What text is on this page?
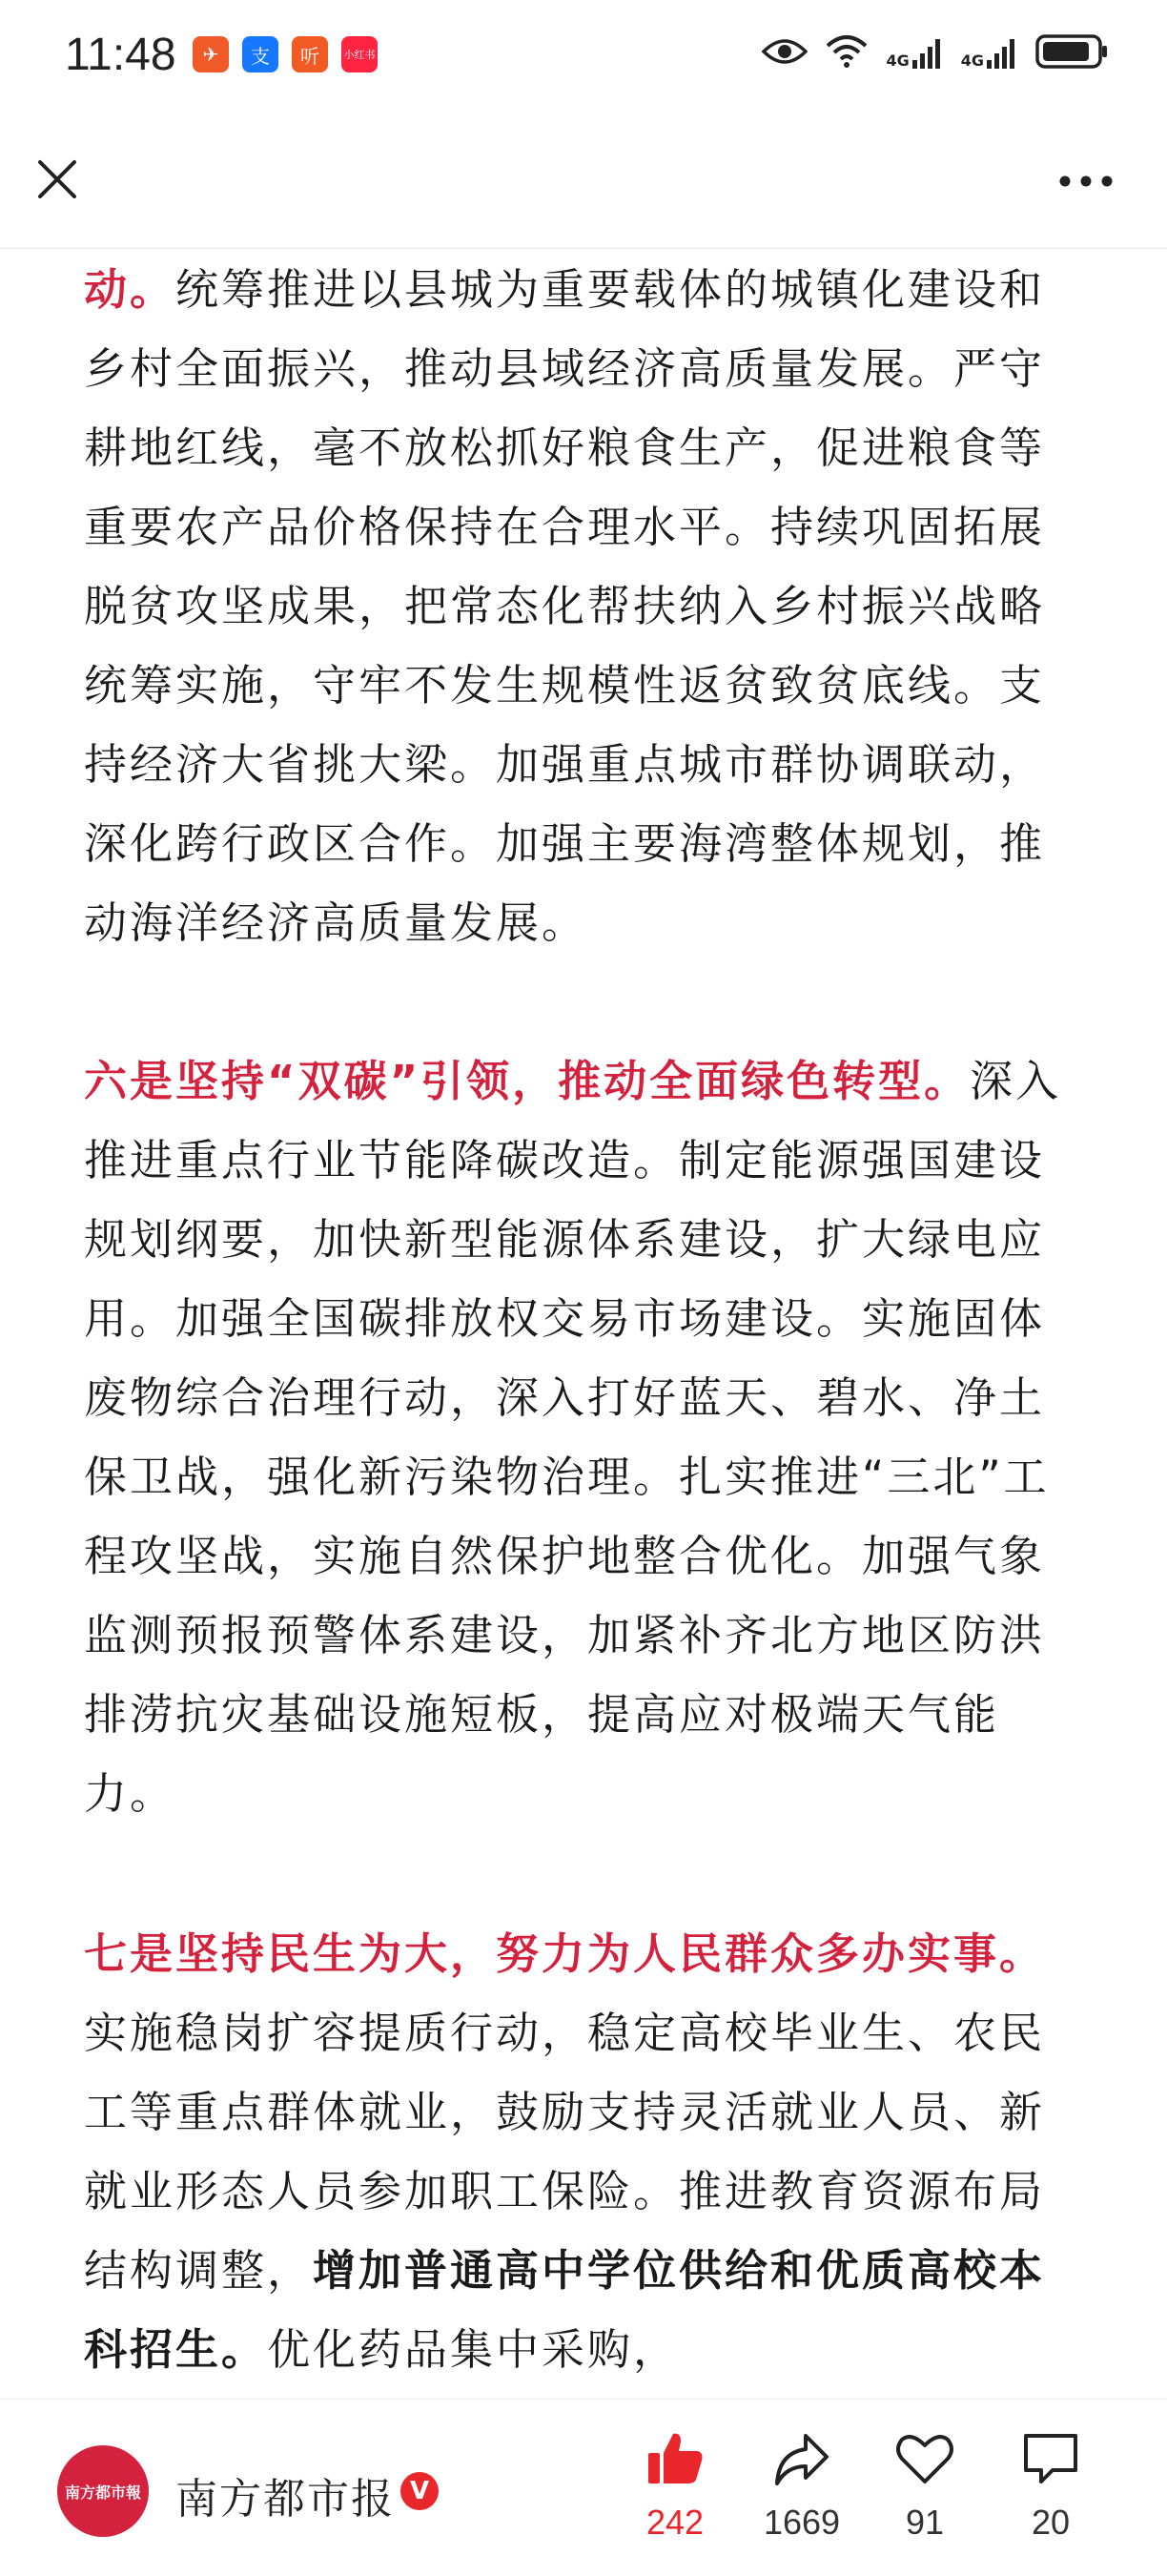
11:48	✈	支	听	小红书	4G	4G

动。统筹推进以县城为重要载体的城镇化建设和乡村全面振兴，推动县域经济高质量发展。严守耕地红线，毫不放松抓好粮食生产，促进粮食等重要农产品价格保持在合理水平。持续巩固拓展脱贫攻坚成果，把常态化帮扶纳入乡村振兴战略统筹实施，守牢不发生规模性返贫致贫底线。支持经济大省挑大梁。加强重点城市群协调联动，深化跨行政区合作。加强主要海湾整体规划，推动海洋经济高质量发展。

六是坚持“双碳”引领，推动全面绿色转型。深入推进重点行业节能降碳改造。制定能源强国建设规划纲要，加快新型能源体系建设，扩大绿电应用。加强全国碳排放权交易市场建设。实施固体废物综合治理行动，深入打好蓝天、碧水、净土保卫战，强化新污染物治理。扎实推进“三北”工程攻坚战，实施自然保护地整合优化。加强气象监测预报预警体系建设，加紧补齐北方地区防洪排涝抗灾基础设施短板，提高应对极端天气能力。

七是坚持民生为大，努力为人民群众多办实事。实施稳岗扩容提质行动，稳定高校毕业生、农民工等重点群体就业，鼓励支持灵活就业人员、新就业形态人员参加职工保险。推进教育资源布局结构调整，增加普通高中学位供给和优质高校本科招生。优化药品集中采购，

南方都市報 南方都市报 V
242 1669 91	20
